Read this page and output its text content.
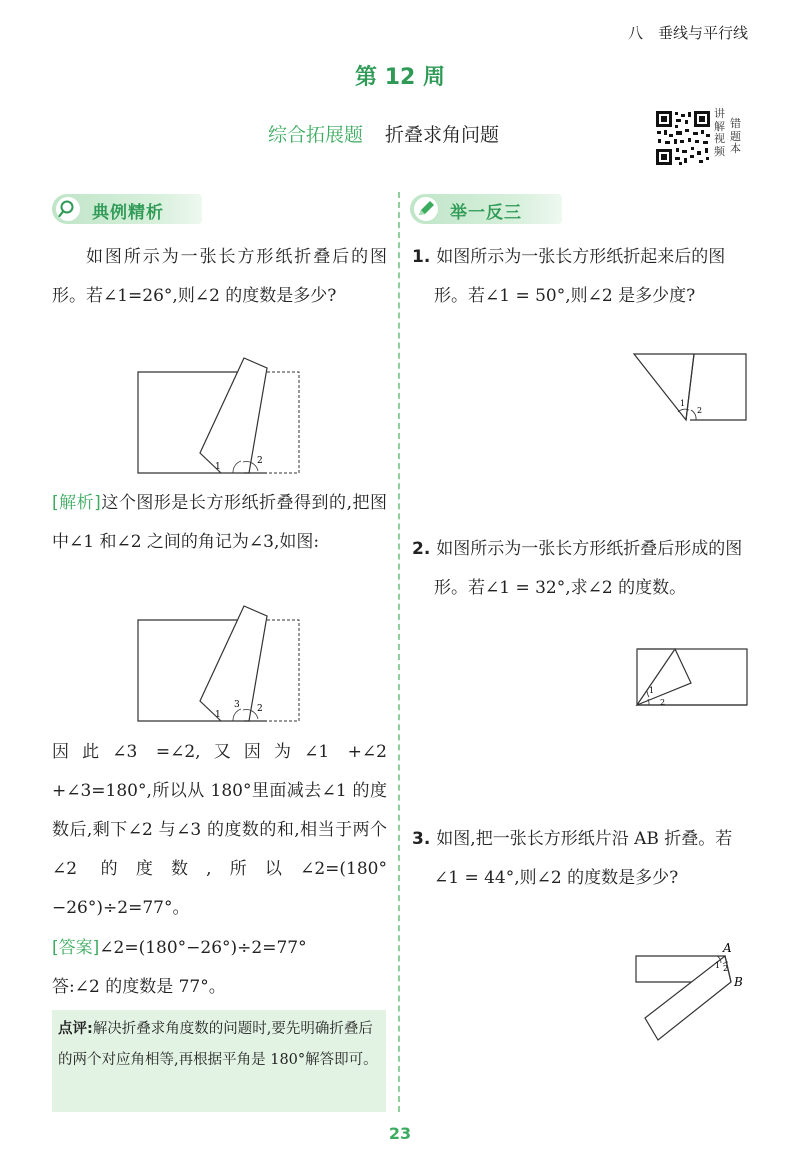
八　垂线与平行线
第 12 周
综合拓展题 折叠求角问题
讲解视频
错题本
典例精析	举一反三
如图所示为一张长方形纸折叠后的图形。若∠1=26°,则∠2 的度数是多少?
1
2
[解析]这个图形是长方形纸折叠得到的,把图中∠1 和∠2 之间的角记为∠3,如图:
1
2
3
因此∠3 =∠2,又因为∠1 +∠2 +∠3=180°,所以从 180°里面减去∠1 的度数后,剩下∠2 与∠3 的度数的和,相当于两个∠2 的度数,所以∠2=(180°−26°)÷2=77°。
[答案]∠2=(180°−26°)÷2=77°
答:∠2 的度数是 77°。
点评:解决折叠求角度数的问题时,要先明确折叠后的两个对应角相等,再根据平角是 180°解答即可。
1. 如图所示为一张长方形纸折起来后的图形。若∠1 = 50°,则∠2 是多少度?
1
2
2. 如图所示为一张长方形纸折叠后形成的图形。若∠1 = 32°,求∠2 的度数。
1
2
3. 如图,把一张长方形纸片沿 AB 折叠。若∠1 = 44°,则∠2 的度数是多少?
1 2
A
B
23
